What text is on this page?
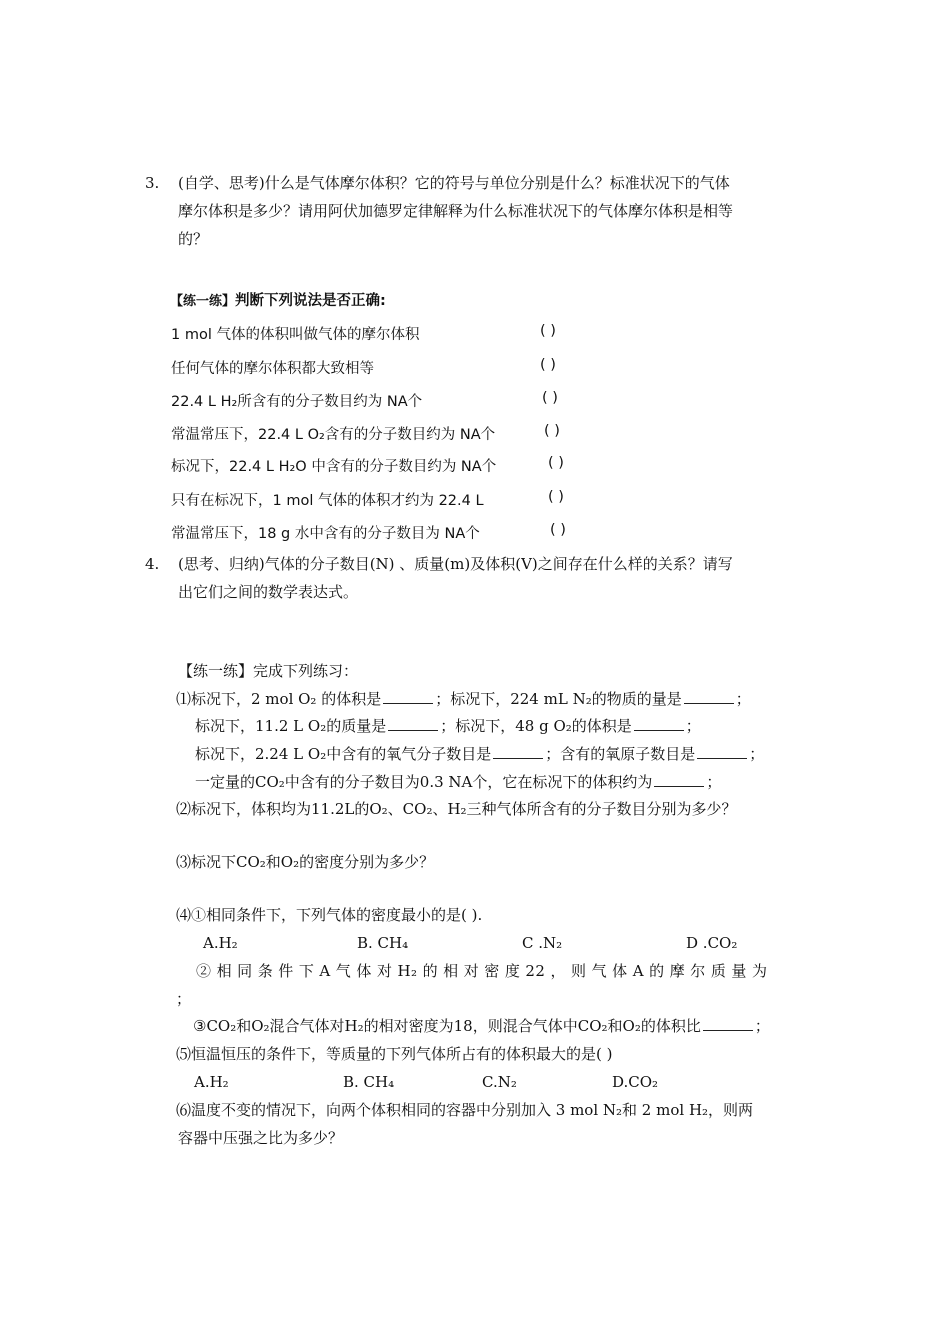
3. (自学、思考)什么是气体摩尔体积？它的符号与单位分别是什么？标准状况下的气体
摩尔体积是多少？请用阿伏加德罗定律解释为什么标准状况下的气体摩尔体积是相等
的？
【练一练】判断下列说法是否正确:
1 mol 气体的体积叫做气体的摩尔体积	( )
任何气体的摩尔体积都大致相等	( )
22.4 L H₂所含有的分子数目约为 NA个	( )
常温常压下，22.4 L O₂含有的分子数目约为 NA个	( )
标况下，22.4 L H₂O 中含有的分子数目约为 NA个	( )
只有在标况下，1 mol 气体的体积才约为 22.4 L	( )
常温常压下，18 g 水中含有的分子数目为 NA个	( )
4. (思考、归纳)气体的分子数目(N) 、质量(m)及体积(V)之间存在什么样的关系？请写
出它们之间的数学表达式。
【练一练】完成下列练习：
⑴标况下，2 mol O₂ 的体积是	；标况下，224 mL N₂的物质的量是	；
标况下，11.2 L O₂的质量是	；标况下，48 g O₂的体积是	；
标况下，2.24 L O₂中含有的氧气分子数目是	；含有的氧原子数目是	；
一定量的CO₂中含有的分子数目为0.3 NA个，它在标况下的体积约为	；
⑵标况下，体积均为11.2L的O₂、CO₂、H₂三种气体所含有的分子数目分别为多少？
⑶标况下CO₂和O₂的密度分别为多少？
⑷①相同条件下，下列气体的密度最小的是( ).
A.H₂	B. CH₄	C .N₂	D .CO₂
② 相 同 条 件 下 A 气 体 对 H₂ 的 相 对 密 度 22 ， 则 气 体 A 的 摩 尔 质 量 为
；
③CO₂和O₂混合气体对H₂的相对密度为18，则混合气体中CO₂和O₂的体积比	；
⑸恒温恒压的条件下，等质量的下列气体所占有的体积最大的是( )
A.H₂	B. CH₄	C.N₂	D.CO₂
⑹温度不变的情况下，向两个体积相同的容器中分别加入 3 mol N₂和 2 mol H₂，则两
容器中压强之比为多少？
